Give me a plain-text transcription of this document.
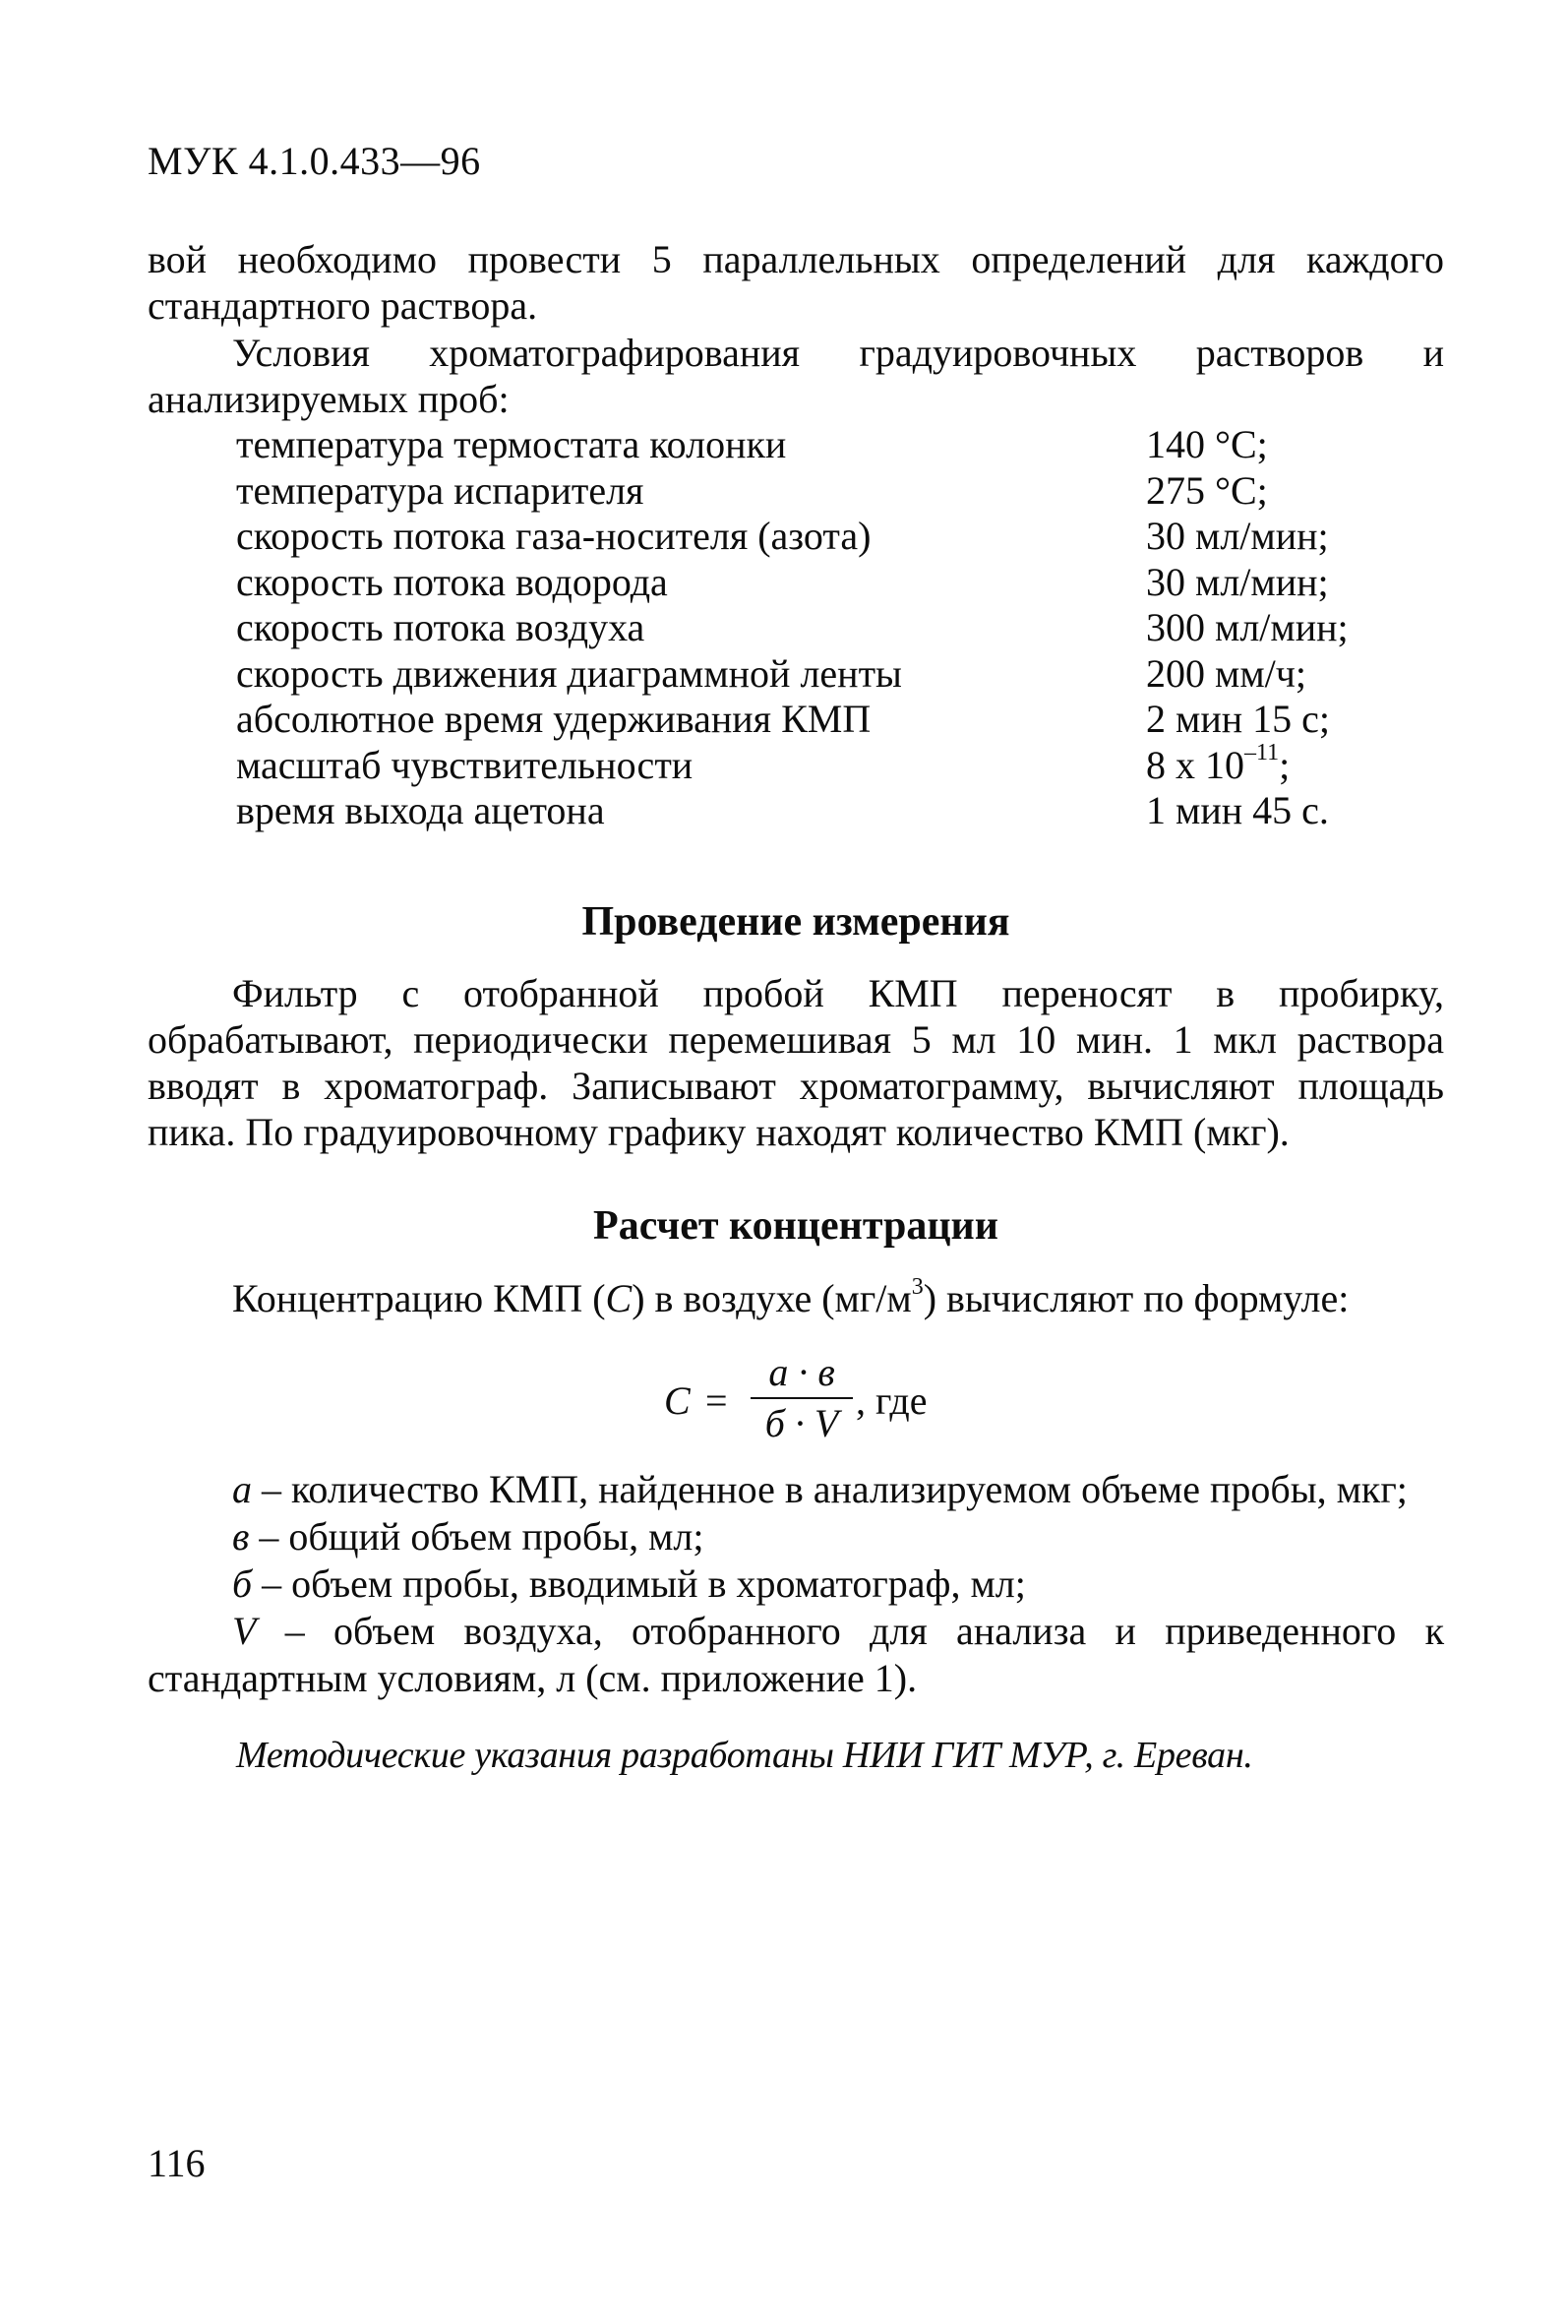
МУК 4.1.0.433—96
вой необходимо провести 5 параллельных определений для каждого стандартного раствора.
Условия хроматографирования градуировочных растворов и анализируемых проб:
температура термостата колонки	140 °С;
температура испарителя	275 °С;
скорость потока газа-носителя (азота)	30 мл/мин;
скорость потока водорода	30 мл/мин;
скорость потока воздуха	300 мл/мин;
скорость движения диаграммной ленты	200 мм/ч;
абсолютное время удерживания КМП	2 мин 15 с;
масштаб чувствительности	8 х $10^{-11}$;
время выхода ацетона	1 мин 45 с.
Проведение измерения
Фильтр с отобранной пробой КМП переносят в пробирку, обрабатывают, периодически перемешивая 5 мл 10 мин. 1 мкл раствора вводят в хроматограф. Записывают хроматограмму, вычисляют площадь пика. По градуировочному графику находят количество КМП (мкг).
Расчет концентрации
Концентрацию КМП (С) в воздухе $(мг/м^3)$ вычисляют по формуле:
C =
a · в
б · V
, где
a – количество КМП, найденное в анализируемом объеме пробы, мкг;
в – общий объем пробы, мл;
б – объем пробы, вводимый в хроматограф, мл;
V – объем воздуха, отобранного для анализа и приведенного к стандартным условиям, л (см. приложение 1).
Методические указания разработаны НИИ ГИТ МУР, г. Ереван.
116
